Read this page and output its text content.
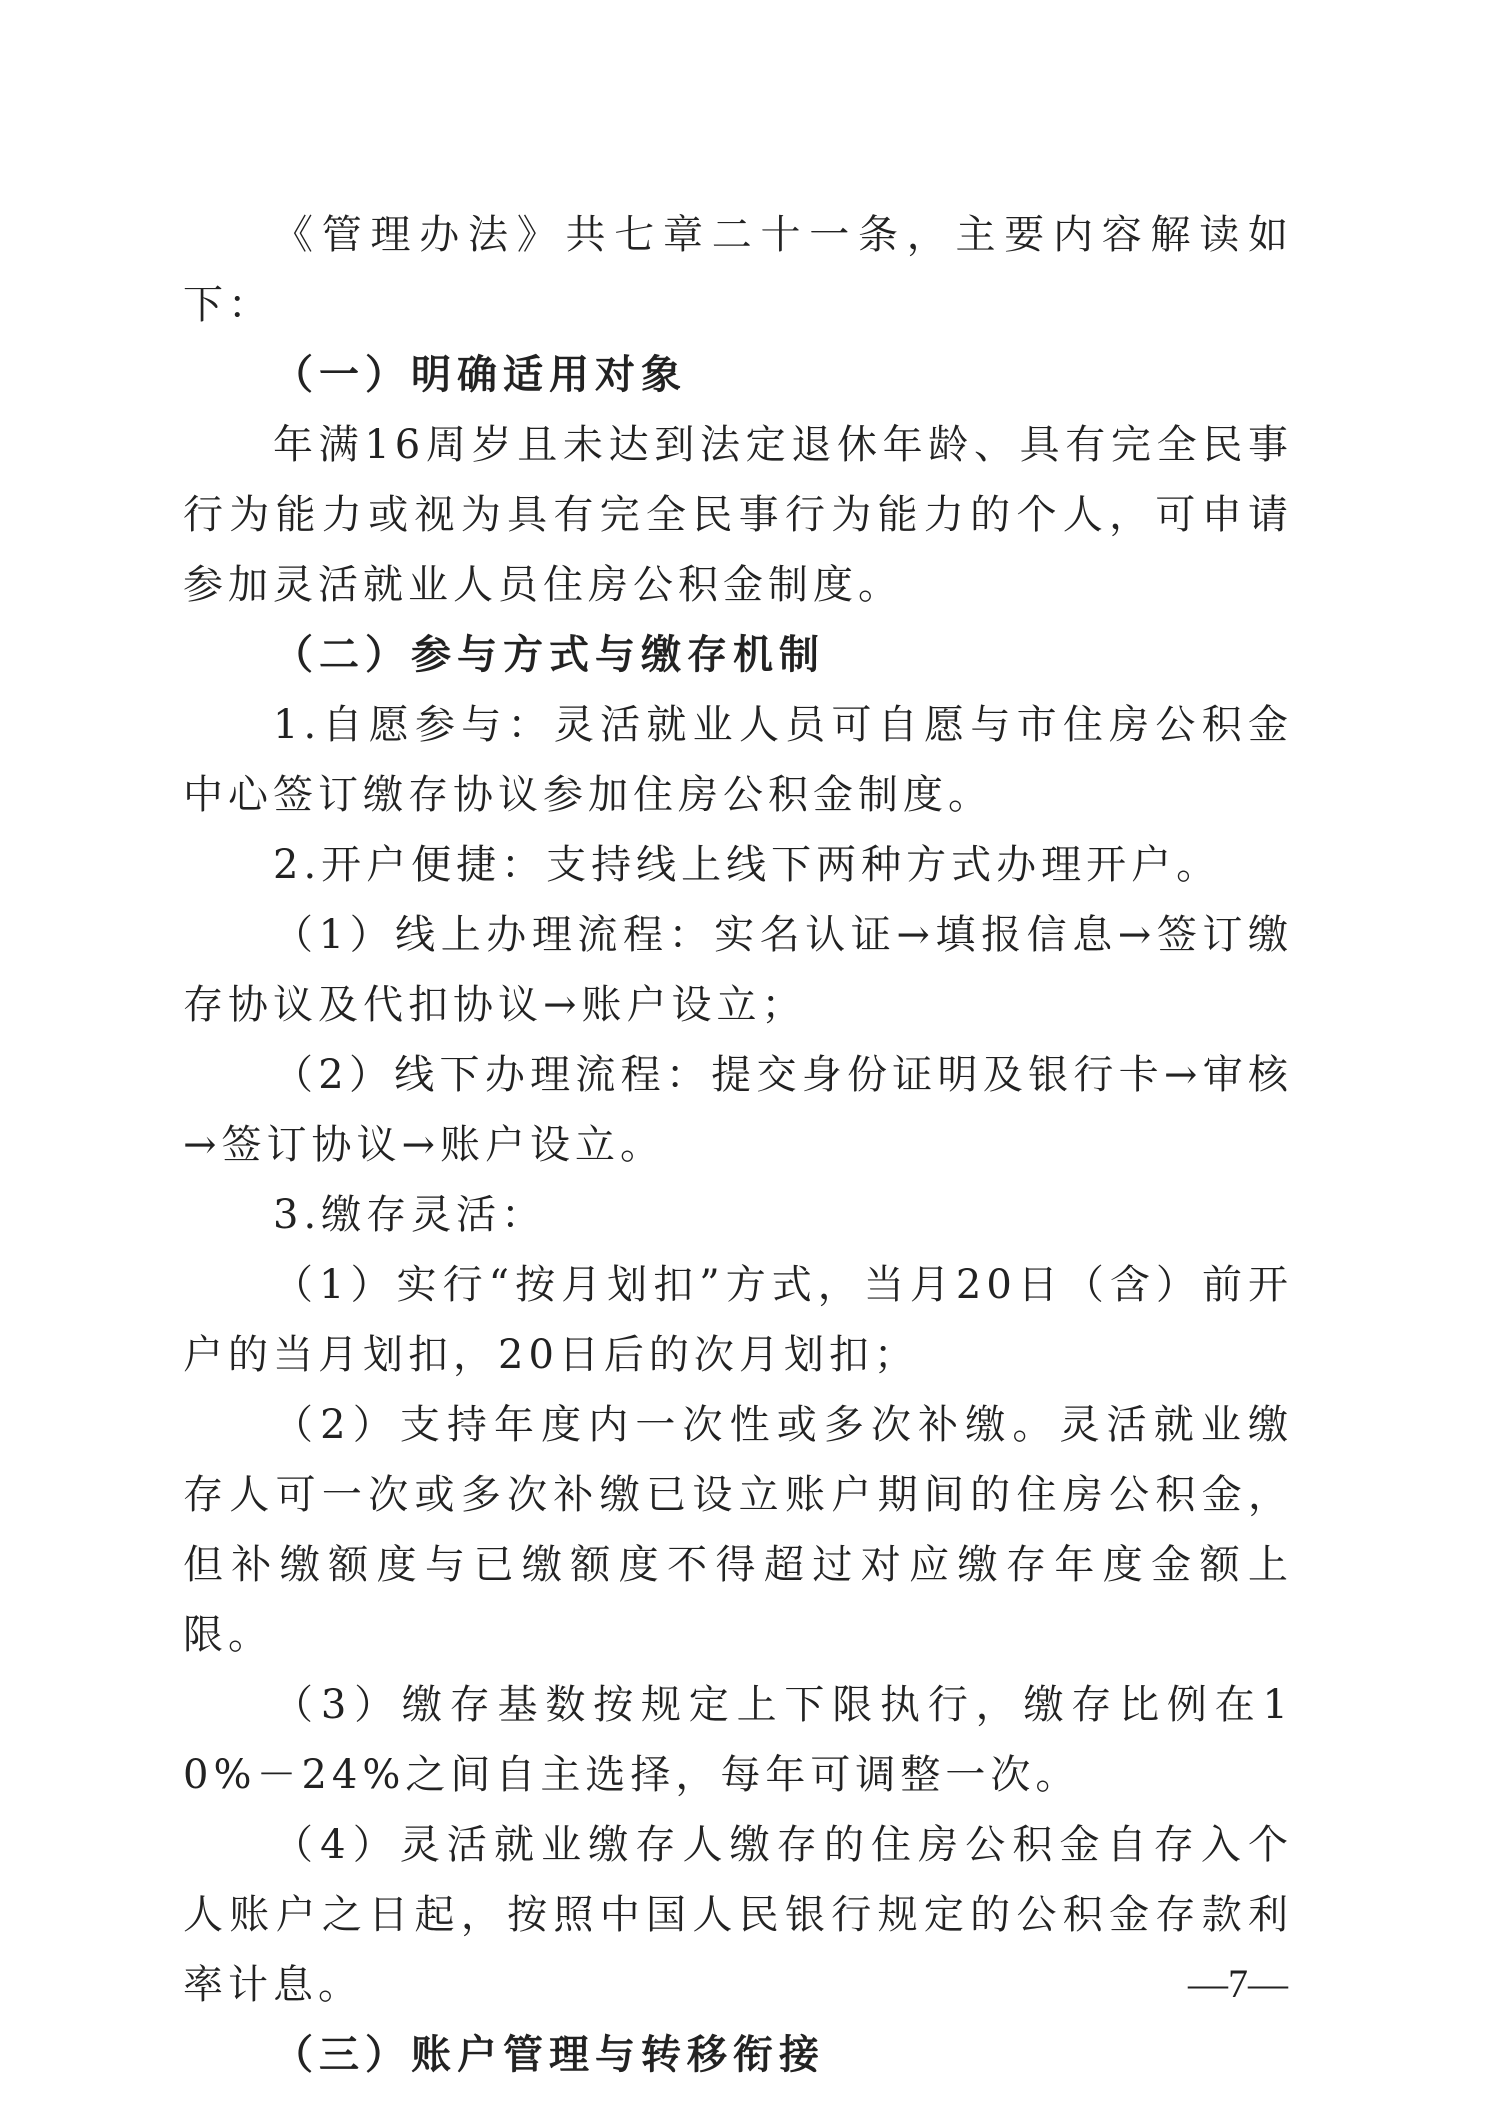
《管理办法》共七章二十一条，主要内容解读如下：

（一）明确适用对象

年满16周岁且未达到法定退休年龄、具有完全民事行为能力或视为具有完全民事行为能力的个人，可申请参加灵活就业人员住房公积金制度。

（二）参与方式与缴存机制

1.自愿参与：灵活就业人员可自愿与市住房公积金中心签订缴存协议参加住房公积金制度。

2.开户便捷：支持线上线下两种方式办理开户。

（1）线上办理流程：实名认证→填报信息→签订缴存协议及代扣协议→账户设立；

（2）线下办理流程：提交身份证明及银行卡→审核→签订协议→账户设立。

3.缴存灵活：

（1）实行“按月划扣”方式，当月20日（含）前开户的当月划扣，20日后的次月划扣；

（2）支持年度内一次性或多次补缴。灵活就业缴存人可一次或多次补缴已设立账户期间的住房公积金，但补缴额度与已缴额度不得超过对应缴存年度金额上限。

（3）缴存基数按规定上下限执行，缴存比例在10%－24%之间自主选择，每年可调整一次。

（4）灵活就业缴存人缴存的住房公积金自存入个人账户之日起，按照中国人民银行规定的公积金存款利率计息。

（三）账户管理与转移衔接

—7—
